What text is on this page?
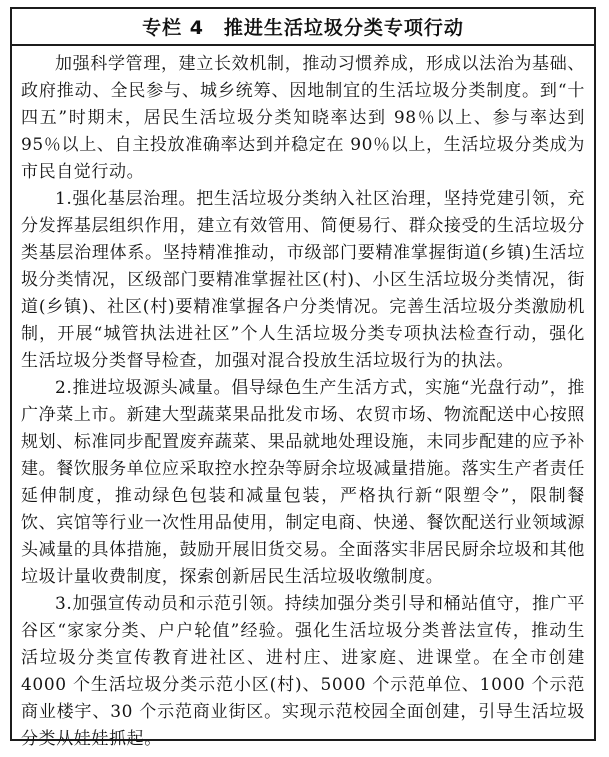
专栏 4　推进生活垃圾分类专项行动

加强科学管理，建立长效机制，推动习惯养成，形成以法治为基础、政府推动、全民参与、城乡统筹、因地制宜的生活垃圾分类制度。到“十四五”时期末，居民生活垃圾分类知晓率达到 98％以上、参与率达到 95％以上、自主投放准确率达到并稳定在 90％以上，生活垃圾分类成为市民自觉行动。

1.强化基层治理。把生活垃圾分类纳入社区治理，坚持党建引领，充分发挥基层组织作用，建立有效管用、简便易行、群众接受的生活垃圾分类基层治理体系。坚持精准推动，市级部门要精准掌握街道(乡镇)生活垃圾分类情况，区级部门要精准掌握社区(村)、小区生活垃圾分类情况，街道(乡镇)、社区(村)要精准掌握各户分类情况。完善生活垃圾分类激励机制，开展“城管执法进社区”个人生活垃圾分类专项执法检查行动，强化生活垃圾分类督导检查，加强对混合投放生活垃圾行为的执法。

2.推进垃圾源头减量。倡导绿色生产生活方式，实施“光盘行动”，推广净菜上市。新建大型蔬菜果品批发市场、农贸市场、物流配送中心按照规划、标准同步配置废弃蔬菜、果品就地处理设施，未同步配建的应予补建。餐饮服务单位应采取控水控杂等厨余垃圾减量措施。落实生产者责任延伸制度，推动绿色包装和减量包装，严格执行新“限塑令”，限制餐饮、宾馆等行业一次性用品使用，制定电商、快递、餐饮配送行业领域源头减量的具体措施，鼓励开展旧货交易。全面落实非居民厨余垃圾和其他垃圾计量收费制度，探索创新居民生活垃圾收缴制度。

3.加强宣传动员和示范引领。持续加强分类引导和桶站值守，推广平谷区“家家分类、户户轮值”经验。强化生活垃圾分类普法宣传，推动生活垃圾分类宣传教育进社区、进村庄、进家庭、进课堂。在全市创建 4000 个生活垃圾分类示范小区(村)、5000 个示范单位、1000 个示范商业楼宇、30 个示范商业街区。实现示范校园全面创建，引导生活垃圾分类从娃娃抓起。
